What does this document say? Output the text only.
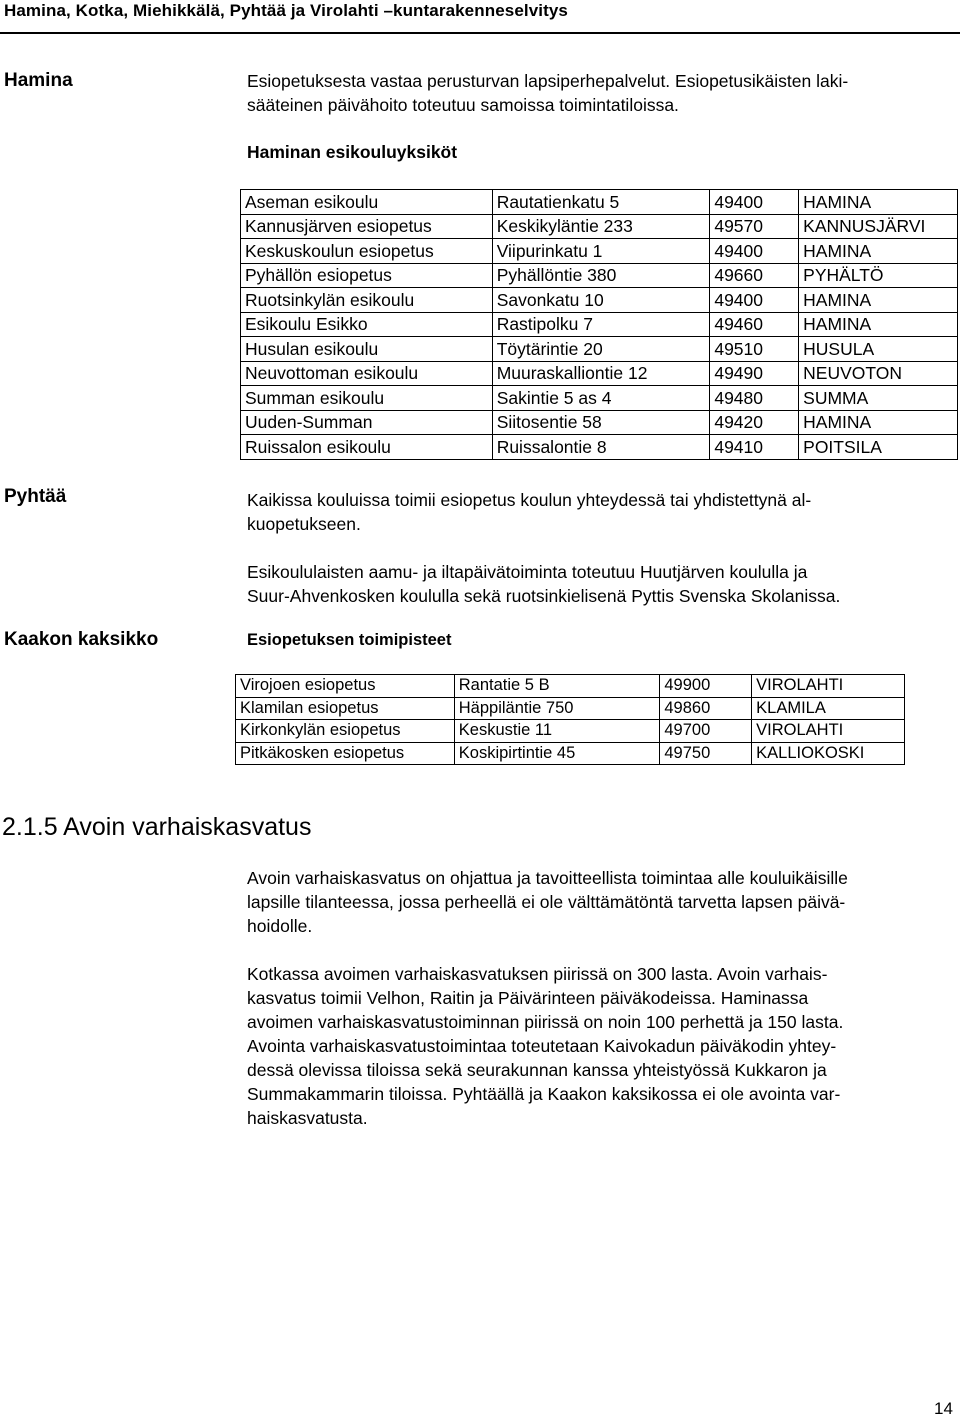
Hamina, Kotka, Miehikkälä, Pyhtää ja Virolahti –kuntarakenneselvitys
Hamina	Esiopetuksesta vastaa perusturvan lapsiperhepalvelut. Esiopetusikäisten laki-
sääteinen päivähoito toteutuu samoissa toimintatiloissa.
Haminan esikouluyksiköt
Aseman esikoulu	Rautatienkatu 5	49400	HAMINA
Kannusjärven esiopetus	Keskikyläntie 233	49570	KANNUSJÄRVI
Keskuskoulun esiopetus	Viipurinkatu 1	49400	HAMINA
Pyhällön esiopetus	Pyhällöntie 380	49660	PYHÄLTÖ
Ruotsinkylän esikoulu	Savonkatu 10	49400	HAMINA
Esikoulu Esikko	Rastipolku 7	49460	HAMINA
Husulan esikoulu	Töytärintie 20	49510	HUSULA
Neuvottoman esikoulu	Muuraskalliontie 12	49490	NEUVOTON
Summan esikoulu	Sakintie 5 as 4	49480	SUMMA
Uuden-Summan	Siitosentie 58	49420	HAMINA
Ruissalon esikoulu	Ruissalontie 8	49410	POITSILA
Pyhtää	Kaikissa kouluissa toimii esiopetus koulun yhteydessä tai yhdistettynä al-
kuopetukseen.
Esikoululaisten aamu- ja iltapäivätoiminta toteutuu Huutjärven koululla ja
Suur-Ahvenkosken koululla sekä ruotsinkielisenä Pyttis Svenska Skolanissa.
Kaakon kaksikko	Esiopetuksen toimipisteet
Virojoen esiopetus	Rantatie 5 B	49900	VIROLAHTI
Klamilan esiopetus	Häppiläntie 750	49860	KLAMILA
Kirkonkylän esiopetus	Keskustie 11	49700	VIROLAHTI
Pitkäkosken esiopetus	Koskipirtintie 45	49750	KALLIOKOSKI
2.1.5 Avoin varhaiskasvatus
Avoin varhaiskasvatus on ohjattua ja tavoitteellista toimintaa alle kouluikäisille
lapsille tilanteessa, jossa perheellä ei ole välttämätöntä tarvetta lapsen päivä-
hoidolle.
Kotkassa avoimen varhaiskasvatuksen piirissä on 300 lasta. Avoin varhais-
kasvatus toimii Velhon, Raitin ja Päivärinteen päiväkodeissa. Haminassa
avoimen varhaiskasvatustoiminnan piirissä on noin 100 perhettä ja 150 lasta.
Avointa varhaiskasvatustoimintaa toteutetaan Kaivokadun päiväkodin yhtey-
dessä olevissa tiloissa sekä seurakunnan kanssa yhteistyössä Kukkaron ja
Summakammarin tiloissa. Pyhtäällä ja Kaakon kaksikossa ei ole avointa var-
haiskasvatusta.
14
